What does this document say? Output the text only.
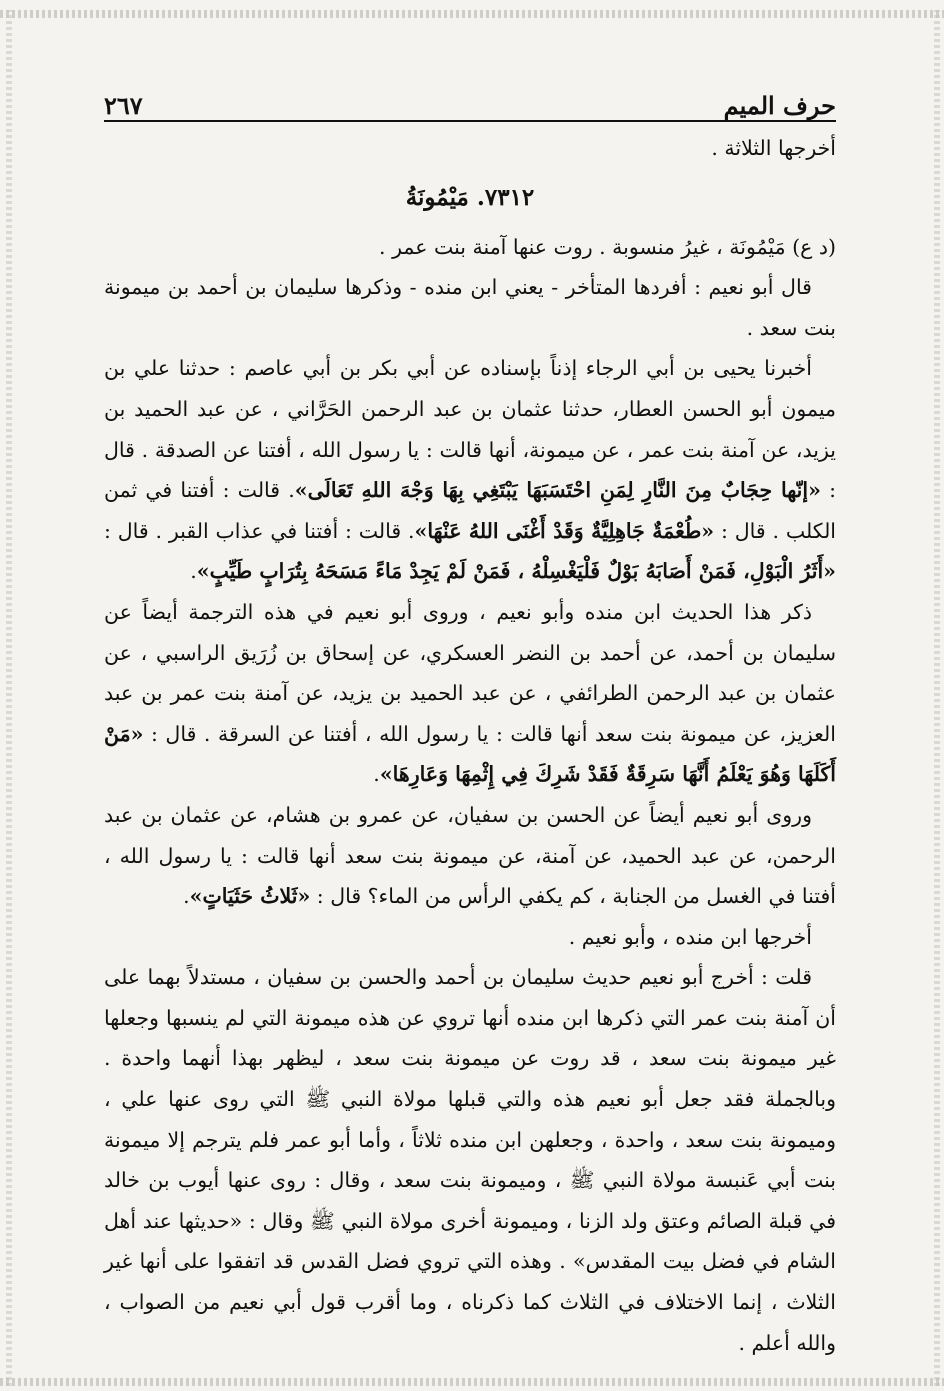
حرف الميم
٢٦٧

أخرجها الثلاثة .

٧٣١٢. مَيْمُونَةُ

(د ع) مَيْمُونَة ، غيرُ منسوبة . روت عنها آمنة بنت عمر .

قال أبو نعيم : أفردها المتأخر - يعني ابن منده - وذكرها سليمان بن أحمد بن ميمونة بنت سعد .

أخبرنا يحيى بن أبي الرجاء إذناً بإسناده عن أبي بكر بن أبي عاصم : حدثنا علي بن ميمون أبو الحسن العطار، حدثنا عثمان بن عبد الرحمن الحَرَّاني ، عن عبد الحميد بن يزيد، عن آمنة بنت عمر ، عن ميمونة، أنها قالت : يا رسول الله ، أفتنا عن الصدقة . قال : «إنّها حِجَابٌ مِنَ النَّارِ لِمَنِ احْتَسَبَهَا يَبْتَغِي بِهَا وَجْهَ اللهِ تَعَالَى». قالت : أفتنا في ثمن الكلب . قال : «طُعْمَةٌ جَاهِلِيَّةٌ وَقَدْ أَغْنَى اللهُ عَنْهَا». قالت : أفتنا في عذاب القبر . قال : «أَثَرُ الْبَوْلِ، فَمَنْ أَصَابَهُ بَوْلٌ فَلْيَغْسِلْهُ ، فَمَنْ لَمْ يَجِدْ مَاءً مَسَحَهُ بِتُرَابٍ طَيِّبٍ».

ذكر هذا الحديث ابن منده وأبو نعيم ، وروى أبو نعيم في هذه الترجمة أيضاً عن سليمان بن أحمد، عن أحمد بن النضر العسكري، عن إسحاق بن زُرَيق الراسبي ، عن عثمان بن عبد الرحمن الطرائفي ، عن عبد الحميد بن يزيد، عن آمنة بنت عمر بن عبد العزيز، عن ميمونة بنت سعد أنها قالت : يا رسول الله ، أفتنا عن السرقة . قال : «مَنْ أَكَلَهَا وَهُوَ يَعْلَمُ أَنَّهَا سَرِقَةٌ فَقَدْ شَرِكَ فِي إِثْمِهَا وَعَارِهَا».

وروى أبو نعيم أيضاً عن الحسن بن سفيان، عن عمرو بن هشام، عن عثمان بن عبد الرحمن، عن عبد الحميد، عن آمنة، عن ميمونة بنت سعد أنها قالت : يا رسول الله ، أفتنا في الغسل من الجنابة ، كم يكفي الرأس من الماء؟ قال : «ثَلاثُ حَثَيَاتٍ».

أخرجها ابن منده ، وأبو نعيم .

قلت : أخرج أبو نعيم حديث سليمان بن أحمد والحسن بن سفيان ، مستدلاً بهما على أن آمنة بنت عمر التي ذكرها ابن منده أنها تروي عن هذه ميمونة التي لم ينسبها وجعلها غير ميمونة بنت سعد ، قد روت عن ميمونة بنت سعد ، ليظهر بهذا أنهما واحدة . وبالجملة فقد جعل أبو نعيم هذه والتي قبلها مولاة النبي ﷺ التي روى عنها علي ، وميمونة بنت سعد ، واحدة ، وجعلهن ابن منده ثلاثاً ، وأما أبو عمر فلم يترجم إلا ميمونة بنت أبي عَنبسة مولاة النبي ﷺ ، وميمونة بنت سعد ، وقال : روى عنها أيوب بن خالد في قبلة الصائم وعتق ولد الزنا ، وميمونة أخرى مولاة النبي ﷺ وقال : «حديثها عند أهل الشام في فضل بيت المقدس» . وهذه التي تروي فضل القدس قد اتفقوا على أنها غير الثلاث ، إنما الاختلاف في الثلاث كما ذكرناه ، وما أقرب قول أبي نعيم من الصواب ، والله أعلم .
